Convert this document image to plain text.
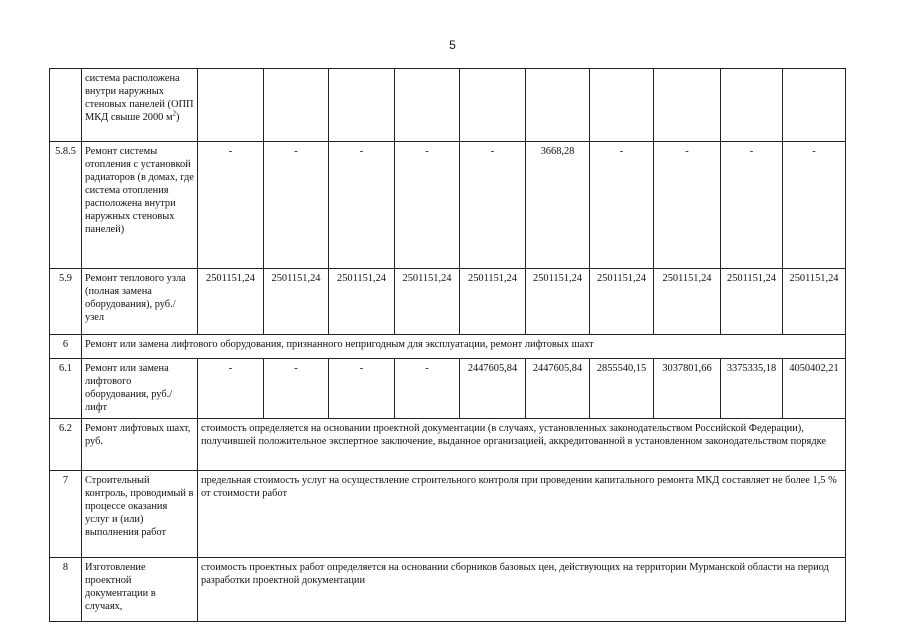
5
	система расположена внутри наружных стеновых панелей (ОПП МКД свыше 2000 $м^2$)										
5.8.5	Ремонт системы отопления с установкой радиаторов (в домах, где система отопления расположена внутри наружных стеновых панелей)	-	-	-	-	-	3668,28	-	-	-	-
5.9	Ремонт теплового узла (полная замена оборудования), руб./узел	2501151,24	2501151,24	2501151,24	2501151,24	2501151,24	2501151,24	2501151,24	2501151,24	2501151,24	2501151,24
6	Ремонт или замена лифтового оборудования, признанного непригодным для эксплуатации, ремонт лифтовых шахт										
6.1	Ремонт или замена лифтового оборудования, руб./лифт	-	-	-	-	2447605,84	2447605,84	2855540,15	3037801,66	3375335,18	4050402,21
6.2	Ремонт лифтовых шахт, руб.	стоимость определяется на основании проектной документации (в случаях, установленных законодательством Российской Федерации), получившей положительное экспертное заключение, выданное организацией, аккредитованной в установленном законодательством порядке									
7	Строительный контроль, проводимый в процессе оказания услуг и (или) выполнения работ	предельная стоимость услуг на осуществление строительного контроля при проведении капитального ремонта МКД составляет не более 1,5 % от стоимости работ									
8	Изготовление проектной документации в случаях,	стоимость проектных работ определяется на основании сборников базовых цен, действующих на территории Мурманской области на период разработки проектной документации									
